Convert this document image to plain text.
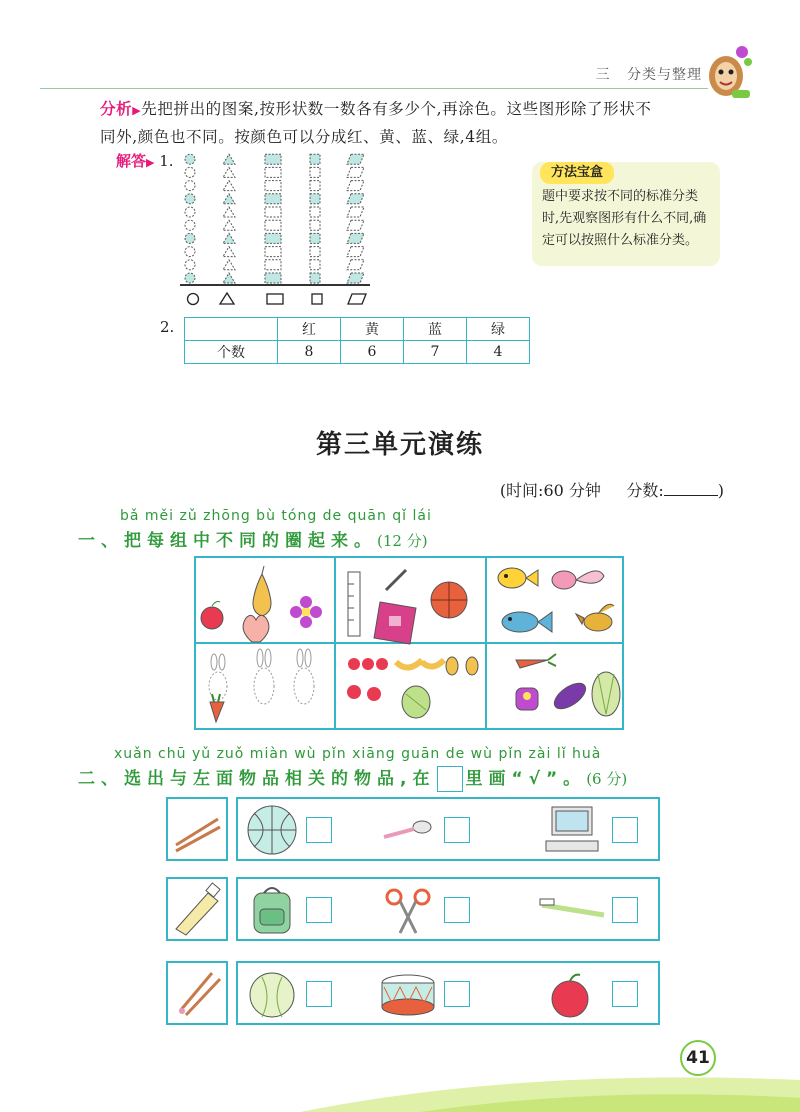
三 分类与整理
分析▶先把拼出的图案,按形状数一数各有多少个,再涂色。这些图形除了形状不
同外,颜色也不同。按颜色可以分成红、黄、蓝、绿,4组。
解答▶ 1.
方法宝盒
题中要求按不同的标准分类时,先观察图形有什么不同,确定可以按照什么标准分类。
2.
		红	黄	蓝	绿
个数	8	6	7	4
第三单元演练
(时间:60 分钟 分数:	)
bǎ měi zǔ zhōng bù tóng de quān qǐ lái
一、把每组中不同的圈起来。(12 分)
xuǎn chū yǔ zuǒ miàn wù pǐn xiāng guān de wù pǐn zài lǐ huà
二、选出与左面物品相关的物品,在 里画“√”。(6 分)
41
